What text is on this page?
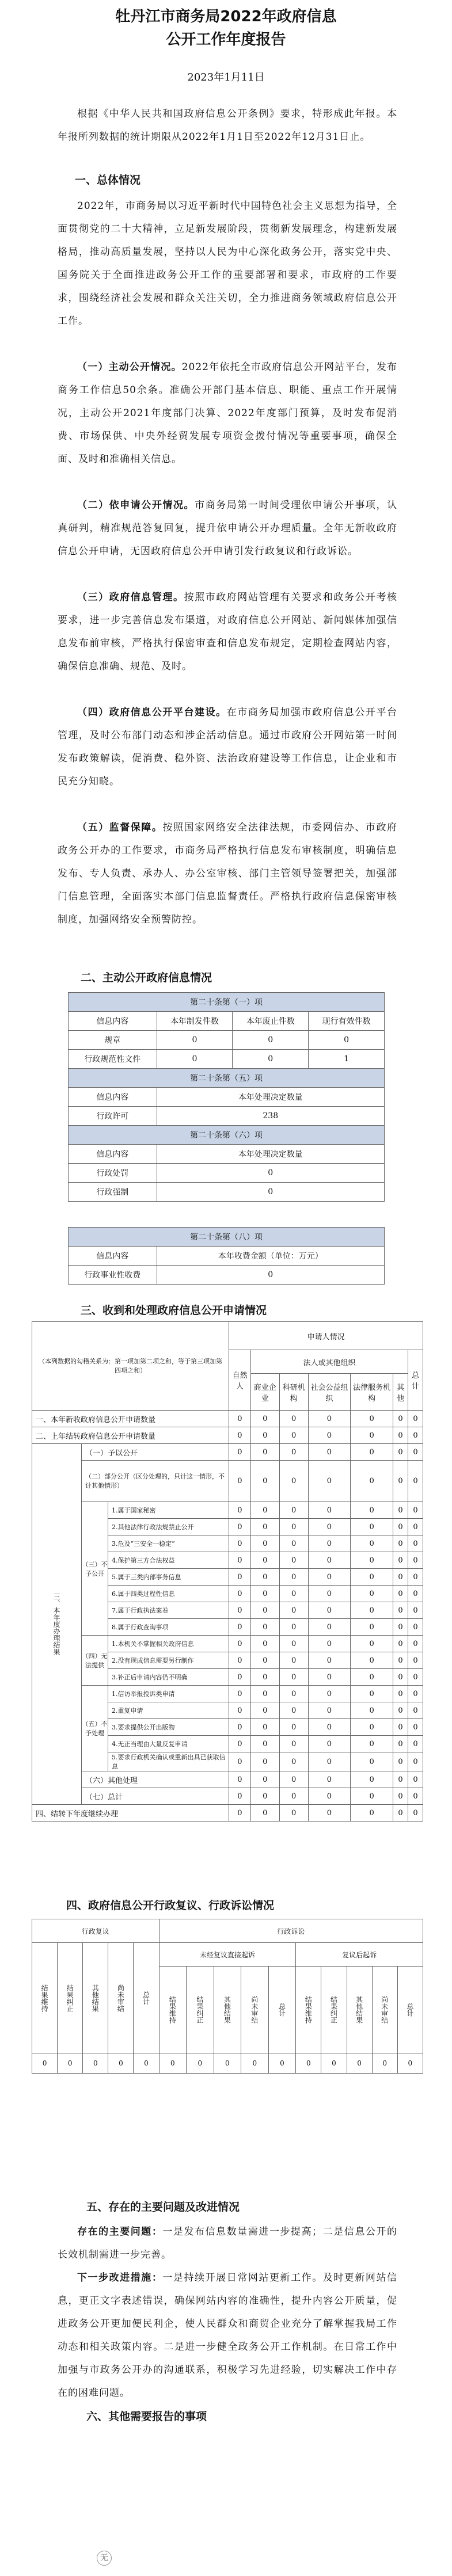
牡丹江市商务局2022年政府信息
公开工作年度报告
2023年1月11日
根据《中华人民共和国政府信息公开条例》要求，特形成此年报。本年报所列数据的统计期限从2022年1月1日至2022年12月31日止。
一、总体情况
2022年，市商务局以习近平新时代中国特色社会主义思想为指导，全面贯彻党的二十大精神，立足新发展阶段，贯彻新发展理念，构建新发展格局，推动高质量发展，坚持以人民为中心深化政务公开，落实党中央、国务院关于全面推进政务公开工作的重要部署和要求，市政府的工作要求，围绕经济社会发展和群众关注关切，全力推进商务领域政府信息公开工作。
（一）主动公开情况。2022年依托全市政府信息公开网站平台，发布商务工作信息50余条。准确公开部门基本信息、职能、重点工作开展情况，主动公开2021年度部门决算、2022年度部门预算，及时发布促消费、市场保供、中央外经贸发展专项资金拨付情况等重要事项，确保全面、及时和准确相关信息。
（二）依申请公开情况。市商务局第一时间受理依申请公开事项，认真研判，精准规范答复回复，提升依申请公开办理质量。全年无新收政府信息公开申请，无因政府信息公开申请引发行政复议和行政诉讼。
（三）政府信息管理。按照市政府网站管理有关要求和政务公开考核要求，进一步完善信息发布渠道，对政府信息公开网站、新闻媒体加强信息发布前审核，严格执行保密审查和信息发布规定，定期检查网站内容，确保信息准确、规范、及时。
（四）政府信息公开平台建设。在市商务局加强市政府信息公开平台管理，及时公布部门动态和涉企活动信息。通过市政府公开网站第一时间发布政策解读，促消费、稳外资、法治政府建设等工作信息，让企业和市民充分知晓。
（五）监督保障。按照国家网络安全法律法规，市委网信办、市政府政务公开办的工作要求，市商务局严格执行信息发布审核制度，明确信息发布、专人负责、承办人、办公室审核、部门主管领导签署把关，加强部门信息管理，全面落实本部门信息监督责任。严格执行政府信息保密审核制度，加强网络安全预警防控。
二、主动公开政府信息情况
第二十条第（一）项			
信息内容	本年制发件数	本年废止件数	现行有效件数
规章	0	0	0
行政规范性文件	0	0	1
第二十条第（五）项			
信息内容	本年处理决定数量		
行政许可	238		
第二十条第（六）项			
信息内容	本年处理决定数量		
行政处罚	0		
行政强制	0		

第二十条第（八）项			
信息内容	本年收费金额（单位：万元）		
行政事业性收费	0		
三、收到和处理政府信息公开申请情况
（本列数据的勾稽关系为：第一项加第二项之和，等于第三项加第四项之和）			申请人情况						
			自然人	法人或其他组织					总计
				商业企业	科研机构	社会公益组织	法律服务机构	其他	
一、本年新收政府信息公开申请数量			0	0	0	0	0	0	0
二、上年结转政府信息公开申请数量			0	0	0	0	0	0	0
三、本年度办理结果	（一）予以公开		0	0	0	0	0	0	0
	（二）部分公开（区分处理的，只计这一情形，不计其他情形）		0	0	0	0	0	0	0
	（三）不予公开	1.属于国家秘密	0	0	0	0	0	0	0
		2.其他法律行政法规禁止公开	0	0	0	0	0	0	0
		3.危及“三安全一稳定”	0	0	0	0	0	0	0
		4.保护第三方合法权益	0	0	0	0	0	0	0
		5.属于三类内部事务信息	0	0	0	0	0	0	0
		6.属于四类过程性信息	0	0	0	0	0	0	0
		7.属于行政执法案卷	0	0	0	0	0	0	0
		8.属于行政查询事项	0	0	0	0	0	0	0
	（四）无法提供	1.本机关不掌握相关政府信息	0	0	0	0	0	0	0
		2.没有现成信息需要另行制作	0	0	0	0	0	0	0
		3.补正后申请内容仍不明确	0	0	0	0	0	0	0
	（五）不予处理	1.信访举报投诉类申请	0	0	0	0	0	0	0
		2.重复申请	0	0	0	0	0	0	0
		3.要求提供公开出版物	0	0	0	0	0	0	0
		4.无正当理由大量反复申请	0	0	0	0	0	0	0
		5.要求行政机关确认或重新出具已获取信息	0	0	0	0	0	0	0
	（六）其他处理		0	0	0	0	0	0	0
	（七）总计		0	0	0	0	0	0	0
四、结转下年度继续办理			0	0	0	0	0	0	0
四、政府信息公开行政复议、行政诉讼情况
行政复议					行政诉讼									
结果维持	结果纠正	其他结果	尚未审结	总计	未经复议直接起诉					复议后起诉				
					结果维持	结果纠正	其他结果	尚未审结	总计	结果维持	结果纠正	其他结果	尚未审结	总计
0	0	0	0	0	0	0	0	0	0	0	0	0	0	0
五、存在的主要问题及改进情况
存在的主要问题：一是发布信息数量需进一步提高；二是信息公开的长效机制需进一步完善。
下一步改进措施：一是持续开展日常网站更新工作。及时更新网站信息，更正文字表述错误，确保网站内容的准确性，提升内容公开质量，促进政务公开更加便民利企，使人民群众和商贸企业充分了解掌握我局工作动态和相关政策内容。二是进一步健全政务公开工作机制。在日常工作中加强与市政务公开办的沟通联系，积极学习先进经验，切实解决工作中存在的困难问题。
六、其他需要报告的事项
无
